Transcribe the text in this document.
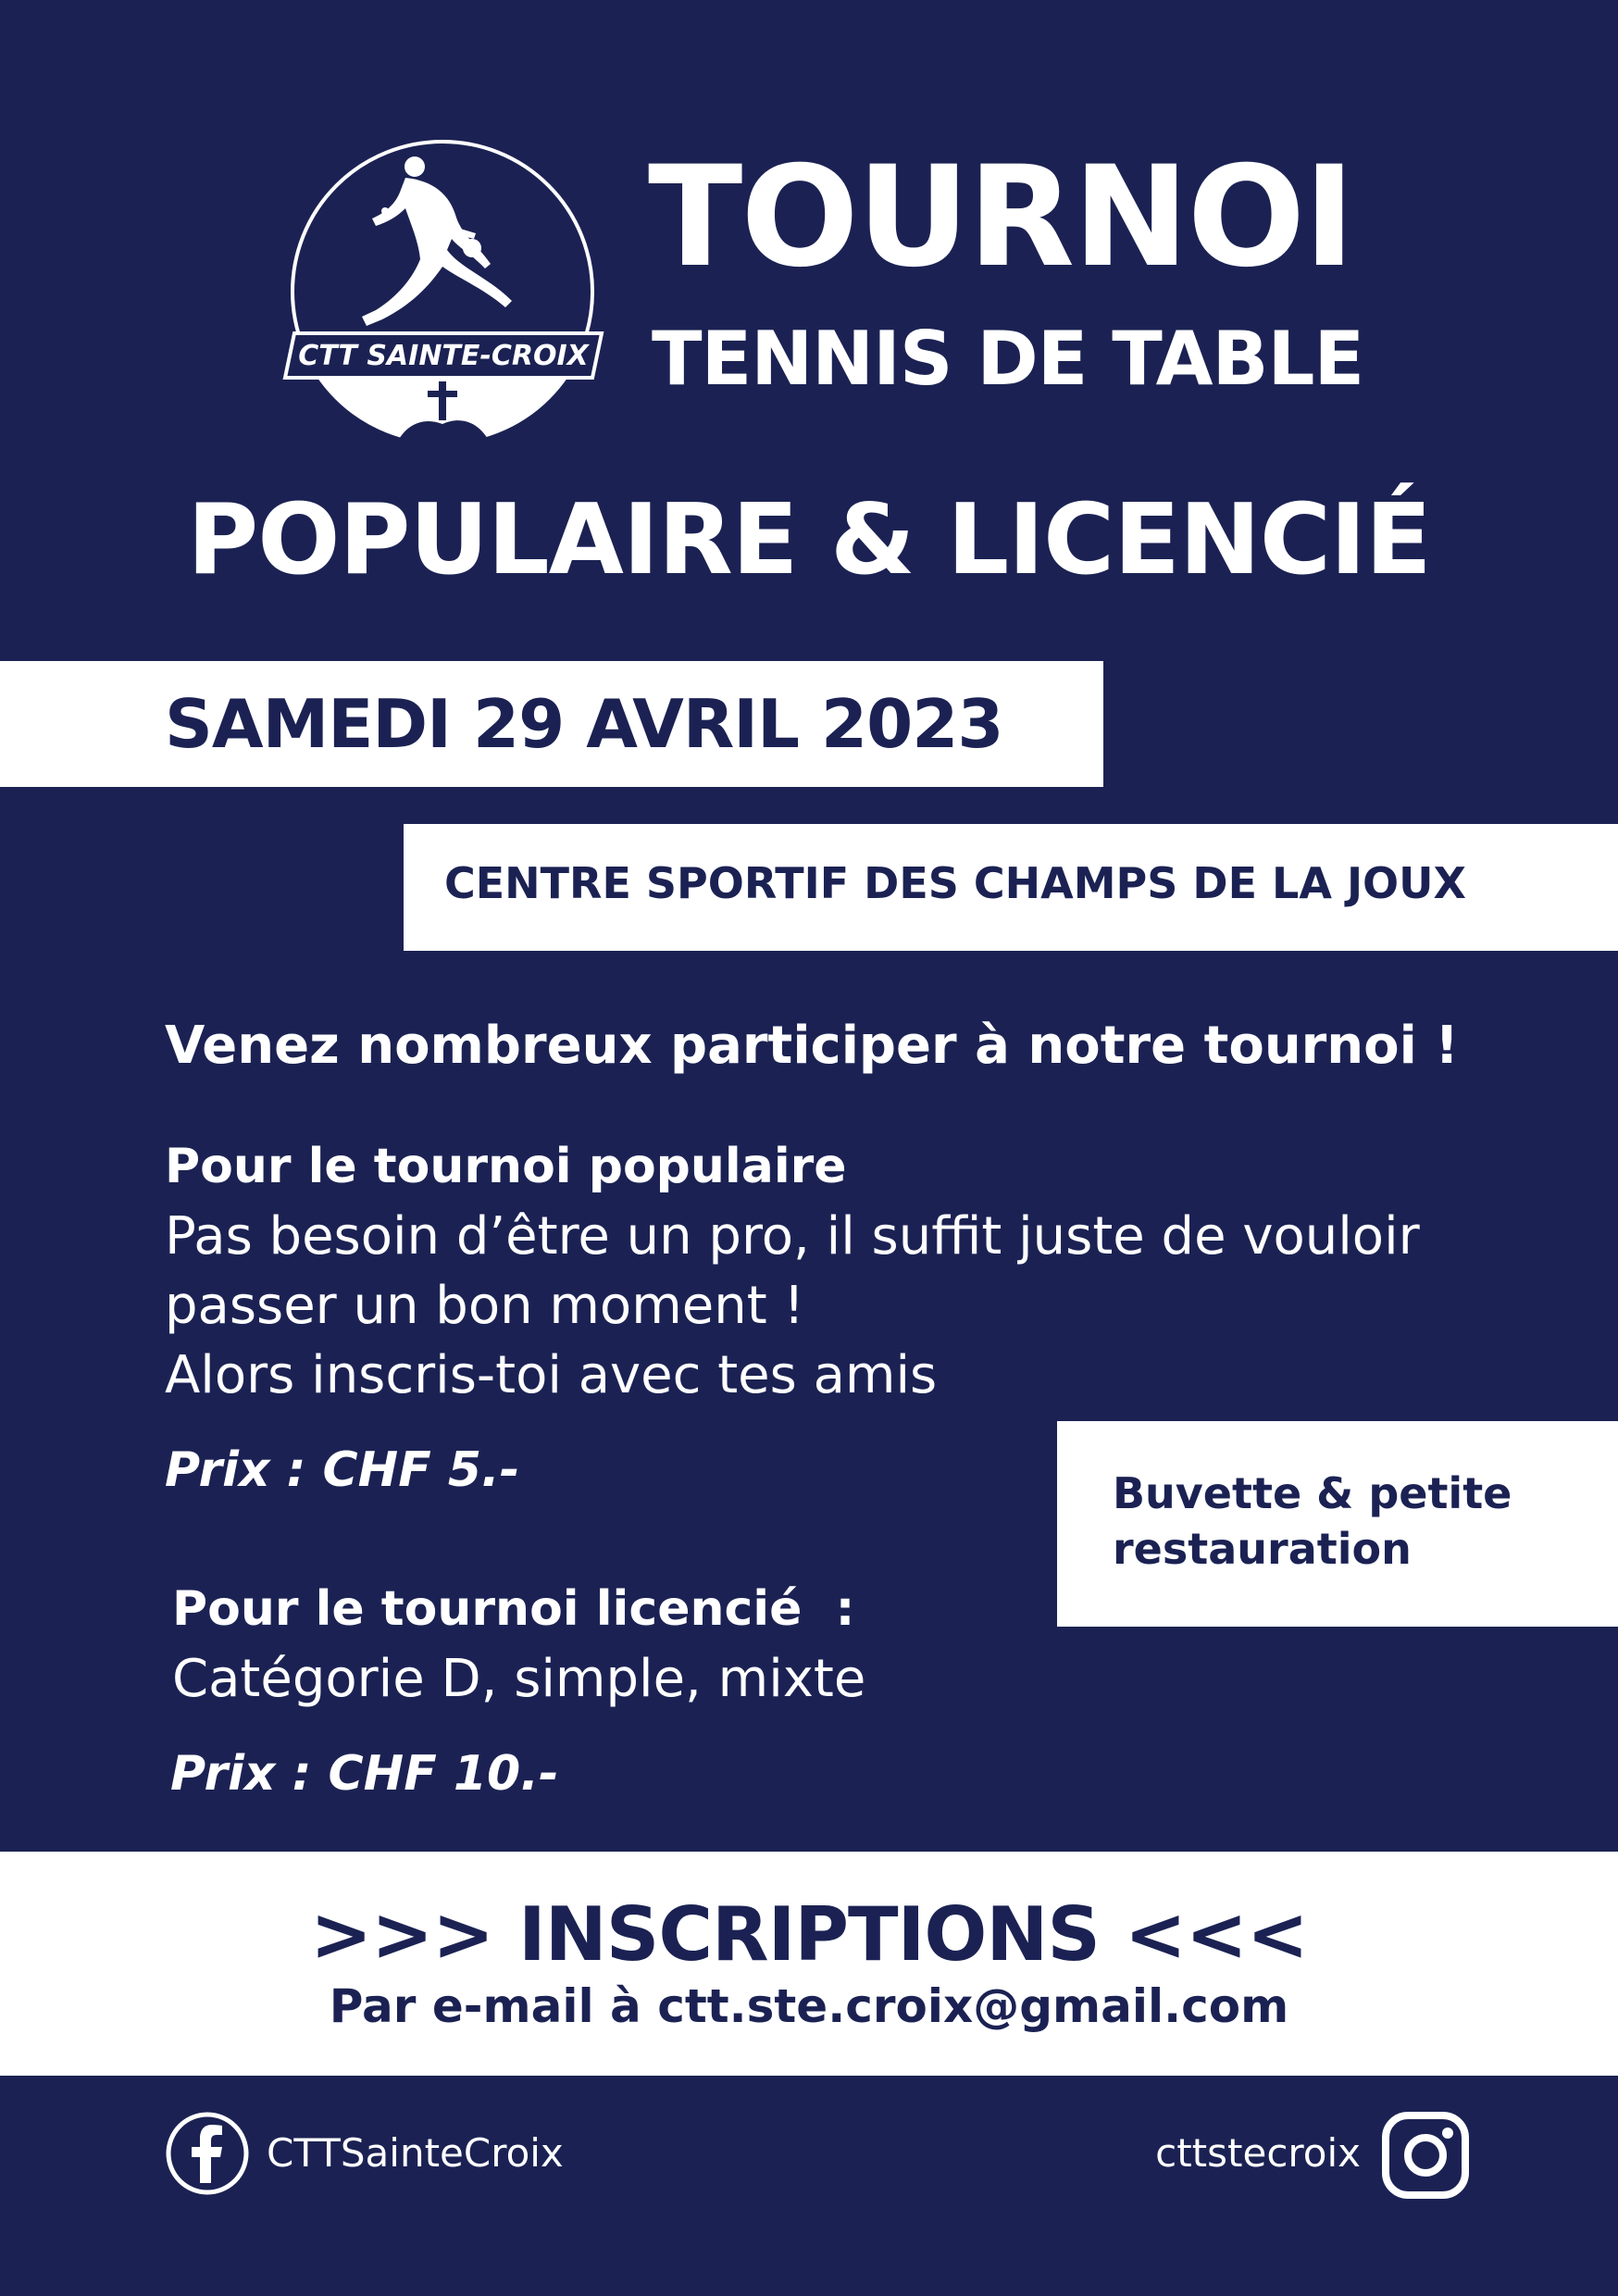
CTT SAINTE-CROIX
TOURNOI
TENNIS DE TABLE
POPULAIRE & LICENCIÉ
SAMEDI 29 AVRIL 2023
CENTRE SPORTIF DES CHAMPS DE LA JOUX
Venez nombreux participer à notre tournoi !
Pour le tournoi populaire
Pas besoin d’être un pro, il suffit juste de vouloir
passer un bon moment !
Alors inscris-toi avec tes amis
Prix : CHF 5.-	Buvette & petite
restauration
Pour le tournoi licencié  :
Catégorie D, simple, mixte
Prix : CHF 10.-
>>> INSCRIPTIONS <<<
Par e-mail à ctt.ste.croix@gmail.com
CTTSainteCroix	cttstecroix
